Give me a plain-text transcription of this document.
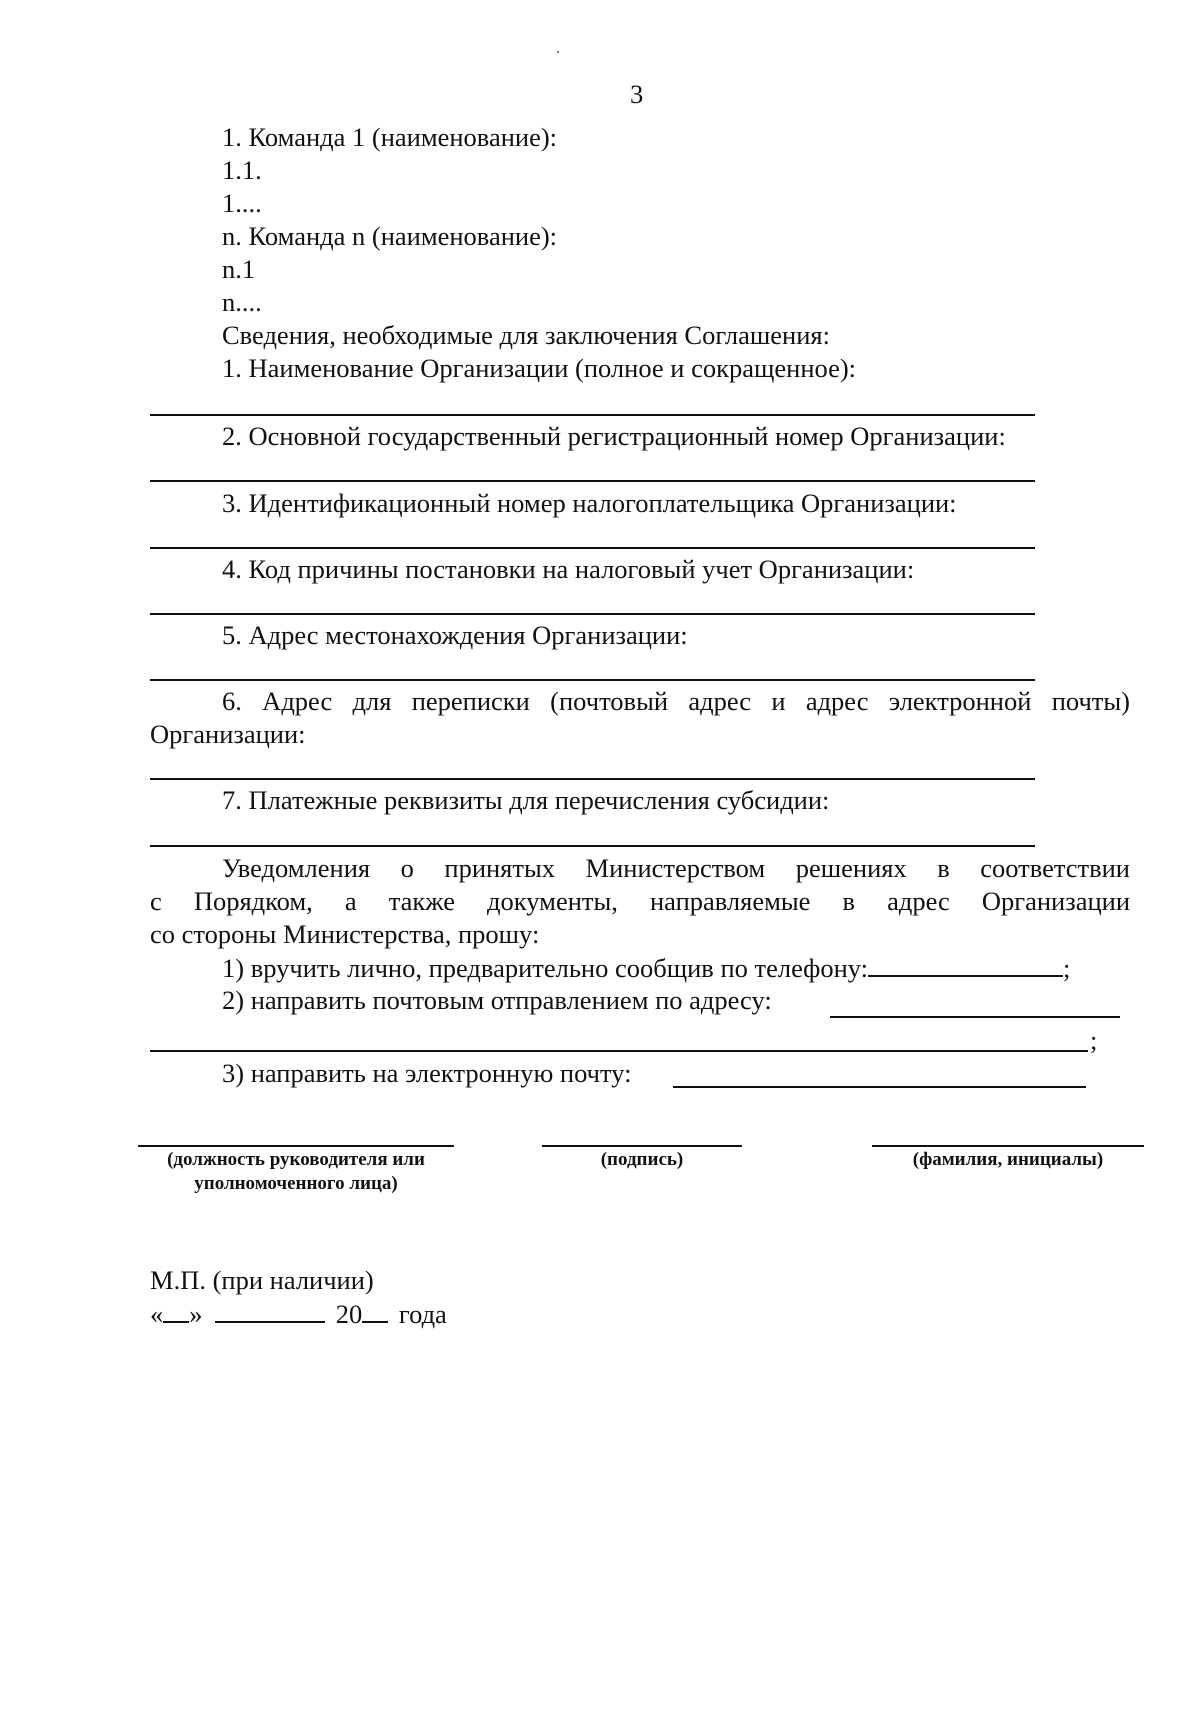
3
1. Команда 1 (наименование):
1.1.
1....
n. Команда n (наименование):
n.1
n....
Сведения, необходимые для заключения Соглашения:
1. Наименование Организации (полное и сокращенное):
2. Основной государственный регистрационный номер Организации:
3. Идентификационный номер налогоплательщика Организации:
4. Код причины постановки на налоговый учет Организации:
5. Адрес местонахождения Организации:
6. Адрес для переписки (почтовый адрес и адрес электронной почты)
Организации:
7. Платежные реквизиты для перечисления субсидии:
Уведомления о принятых Министерством решениях в соответствии
с Порядком, а также документы, направляемые в адрес Организации
со стороны Министерства, прошу:
1) вручить лично, предварительно сообщив по телефону:	;
2) направить почтовым отправлением по адресу:
;
3) направить на электронную почту:
(должность руководителя или
уполномоченного лица)
(подпись)	(фамилия, инициалы)
М.П. (при наличии)
« »	20 года
